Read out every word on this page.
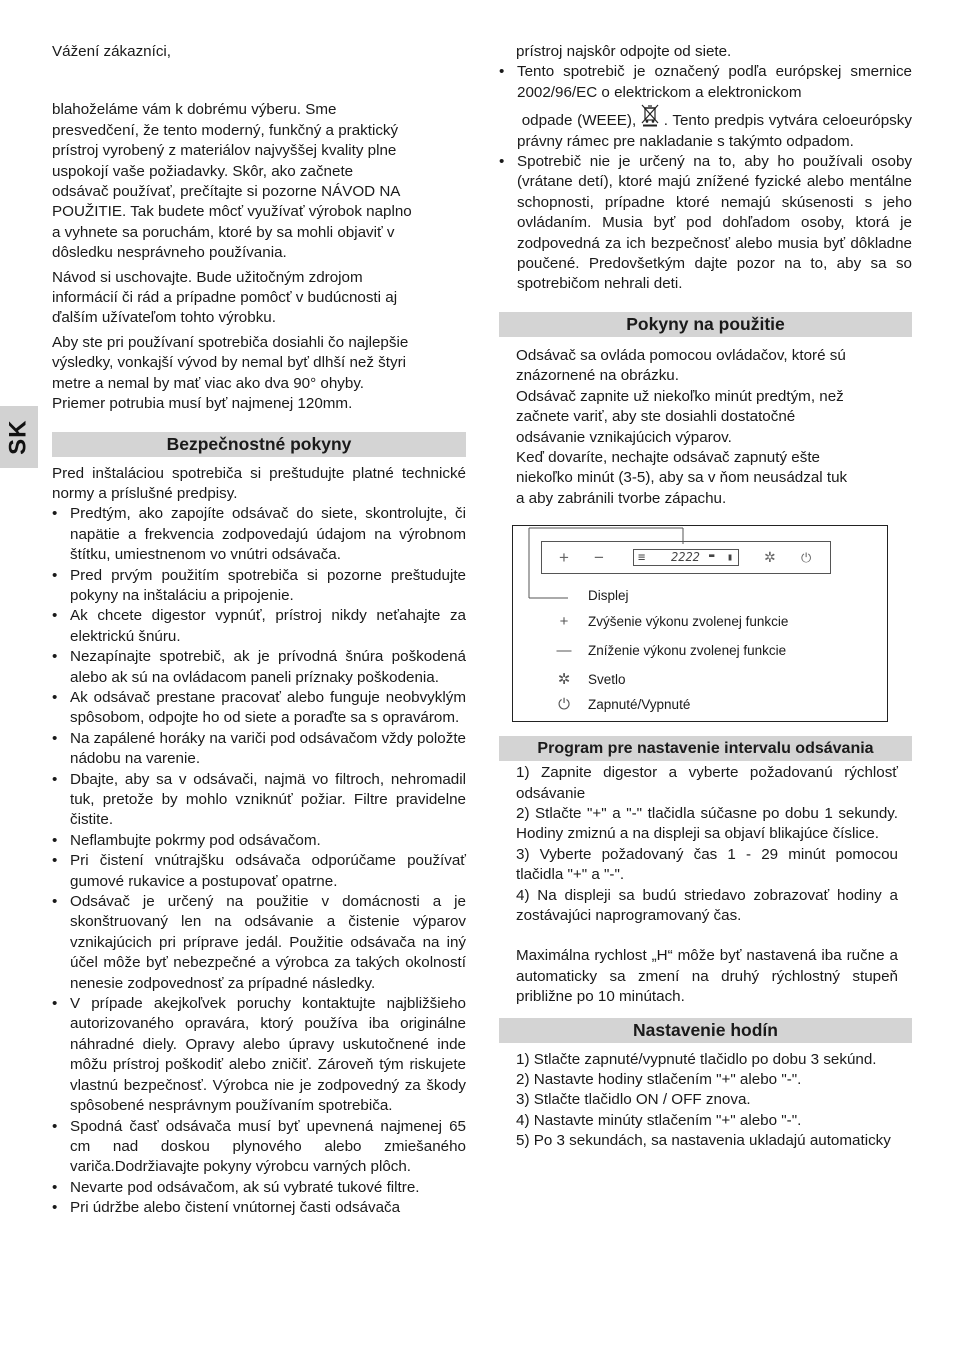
SK

Vážení zákazníci,

blahoželáme vám k dobrému výberu. Sme

presvedčení, že tento moderný, funkčný a praktický

prístroj vyrobený z materiálov najvyššej kvality plne

uspokojí vaše požiadavky. Skôr, ako začnete

odsávač používať, prečítajte si pozorne NÁVOD NA

POUŽITIE. Tak budete môcť využívať výrobok naplno

a vyhnete sa poruchám, ktoré by sa mohli objaviť v

dôsledku nesprávneho používania.

Návod si uschovajte. Bude užitočným zdrojom

informácií či rád a prípadne pomôcť v budúcnosti aj

ďalším užívateľom tohto výrobku.

Aby ste pri používaní spotrebiča dosiahli čo najlepšie

výsledky, vonkajší vývod by nemal byť dlhší než štyri

metre a nemal by mať viac ako dva 90° ohyby.

Priemer potrubia musí byť najmenej 120mm.

Bezpečnostné pokyny

Pred inštaláciou spotrebiča si preštudujte platné technické normy a príslušné predpisy.

• Predtým, ako zapojíte odsávač do siete, skontrolujte, či napätie a frekvencia zodpovedajú údajom na výrobnom štítku, umiestnenom vo vnútri odsávača.
• Pred prvým použitím spotrebiča si pozorne preštudujte pokyny na inštaláciu a pripojenie.
• Ak chcete digestor vypnúť, prístroj nikdy neťahajte za elektrickú šnúru.
• Nezapínajte spotrebič, ak je prívodná šnúra poškodená alebo ak sú na ovládacom paneli príznaky poškodenia.
• Ak odsávač prestane pracovať alebo funguje neobvyklým spôsobom, odpojte ho od siete a poraďte sa s opravárom.
• Na zapálené horáky na variči pod odsávačom vždy položte nádobu na varenie.
• Dbajte, aby sa v odsávači, najmä vo filtroch, nehromadil tuk, pretože by mohlo vzniknúť požiar. Filtre pravidelne čistite.
• Neflambujte pokrmy pod odsávačom.
• Pri čistení vnútrajšku odsávača odporúčame používať gumové rukavice a postupovať opatrne.
• Odsávač je určený na použitie v domácnosti a je skonštruovaný len na odsávanie a čistenie výparov vznikajúcich pri príprave jedál. Použitie odsávača na iný účel môže byť nebezpečné a výrobca za takých okolností nenesie zodpovednosť za prípadné následky.
• V prípade akejkoľvek poruchy kontaktujte najbližšieho autorizovaného opravára, ktorý používa iba originálne náhradné diely. Opravy alebo úpravy uskutočnené inde môžu prístroj poškodiť alebo zničiť. Zároveň tým riskujete vlastnú bezpečnosť. Výrobca nie je zodpovedný za škody spôsobené nesprávnym používaním spotrebiča.
• Spodná časť odsávača musí byť upevnená najmenej 65 cm nad doskou plynového alebo zmiešaného variča.Dodržiavajte pokyny výrobcu varných plôch.
• Nevarte pod odsávačom, ak sú vybraté tukové filtre.
• Pri údržbe alebo čistení vnútornej časti odsávača

prístroj najskôr odpojte od siete.

• Tento spotrebič je označený podľa európskej smernice 2002/96/EC o elektrickom a elektronickom
odpade (WEEE), . Tento predpis vytvára celoeurópsky právny rámec pre nakladanie s takýmto odpadom.
• Spotrebič nie je určený na to, aby ho používali osoby (vrátane detí), ktoré majú znížené fyzické alebo mentálne schopnosti, prípadne ktoré nemajú skúsenosti s jeho ovládaním. Musia byť pod dohľadom osoby, ktorá je zodpovedná za ich bezpečnosť alebo musia byť dôkladne poučené. Predovšetkým dajte pozor na to, aby sa so spotrebičom nehrali deti.
Pokyny na použitie

Odsávač sa ovláda pomocou ovládačov, ktoré sú

znázornené na obrázku.

Odsávač zapnite už niekoľko minút predtým, než

začnete variť, aby ste dosiahli dostatočné

odsávanie vznikajúcich výparov.

Keď dovaríte, nechajte odsávač zapnutý ešte

niekoľko minút (3-5), aby sa v ňom neusádzal tuk

a aby zabránili tvorbe zápachu.

+ −	≡ 2222 ▬ ▮ ✲ ⏻
Displej
+	Zvýšenie výkonu zvolenej funkcie
— Zníženie výkonu zvolenej funkcie
✲	Svetlo
⏻	Zapnuté/Vypnuté
Program pre nastavenie intervalu odsávania

1) Zapnite digestor a vyberte požadovanú rýchlosť odsávanie

2) Stlačte "+" a "-" tlačidla súčasne po dobu 1 sekundy. Hodiny zmiznú a na displeji sa objaví blikajúce číslice.

3) Vyberte požadovaný čas 1 - 29 minút pomocou tlačidla "+" a "-".

4) Na displeji sa budú striedavo zobrazovať hodiny a zostávajúci naprogramovaný čas.

Maximálna rychlost „H“ môže byť nastavená iba ručne a automaticky sa zmení na druhý rýchlostný stupeň približne po 10 minútach.

Nastavenie hodín

1) Stlačte zapnuté/vypnuté tlačidlo po dobu 3 sekúnd.

2) Nastavte hodiny stlačením "+" alebo "-".

3) Stlačte tlačidlo ON / OFF znova.

4) Nastavte minúty stlačením "+" alebo "-".

5) Po 3 sekundách, sa nastavenia ukladajú automaticky
